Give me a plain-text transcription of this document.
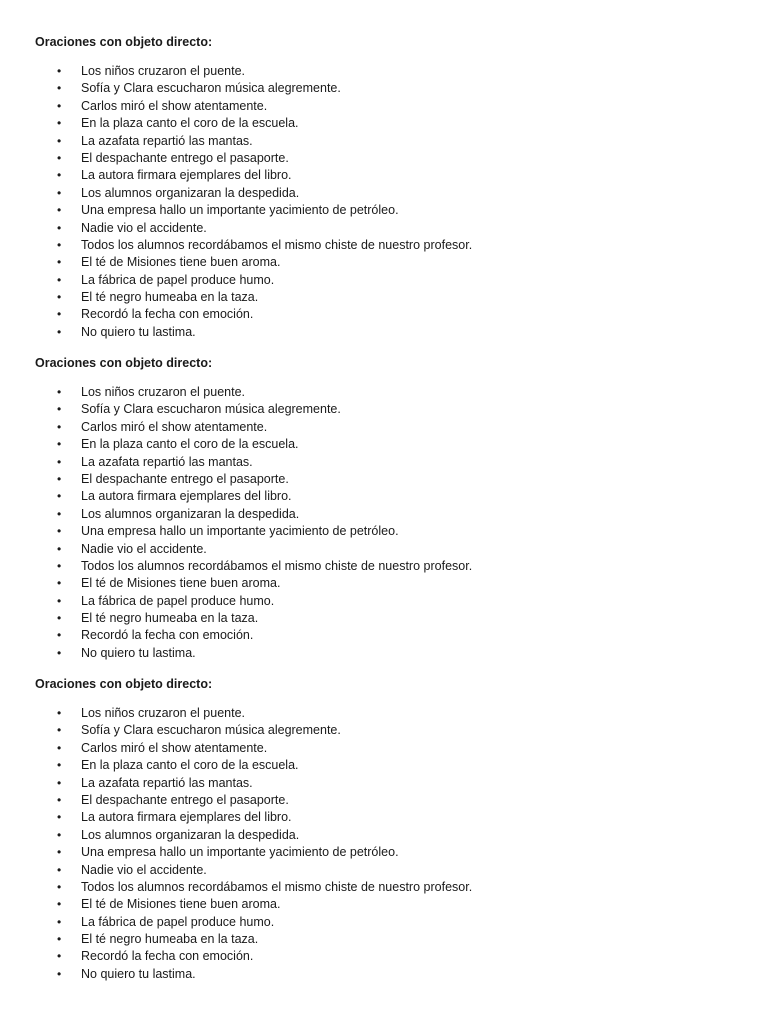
Oraciones con objeto directo:
• Los niños cruzaron el puente.
• Sofía y Clara escucharon música alegremente.
• Carlos miró el show atentamente.
• En la plaza canto el coro de la escuela.
• La azafata repartió las mantas.
• El despachante entrego el pasaporte.
• La autora firmara ejemplares del libro.
• Los alumnos organizaran la despedida.
• Una empresa hallo un importante yacimiento de petróleo.
• Nadie vio el accidente.
• Todos los alumnos recordábamos el mismo chiste de nuestro profesor.
• El té de Misiones tiene buen aroma.
• La fábrica de papel produce humo.
• El té negro humeaba en la taza.
• Recordó la fecha con emoción.
• No quiero tu lastima.
Oraciones con objeto directo:
• Los niños cruzaron el puente.
• Sofía y Clara escucharon música alegremente.
• Carlos miró el show atentamente.
• En la plaza canto el coro de la escuela.
• La azafata repartió las mantas.
• El despachante entrego el pasaporte.
• La autora firmara ejemplares del libro.
• Los alumnos organizaran la despedida.
• Una empresa hallo un importante yacimiento de petróleo.
• Nadie vio el accidente.
• Todos los alumnos recordábamos el mismo chiste de nuestro profesor.
• El té de Misiones tiene buen aroma.
• La fábrica de papel produce humo.
• El té negro humeaba en la taza.
• Recordó la fecha con emoción.
• No quiero tu lastima.
Oraciones con objeto directo:
• Los niños cruzaron el puente.
• Sofía y Clara escucharon música alegremente.
• Carlos miró el show atentamente.
• En la plaza canto el coro de la escuela.
• La azafata repartió las mantas.
• El despachante entrego el pasaporte.
• La autora firmara ejemplares del libro.
• Los alumnos organizaran la despedida.
• Una empresa hallo un importante yacimiento de petróleo.
• Nadie vio el accidente.
• Todos los alumnos recordábamos el mismo chiste de nuestro profesor.
• El té de Misiones tiene buen aroma.
• La fábrica de papel produce humo.
• El té negro humeaba en la taza.
• Recordó la fecha con emoción.
• No quiero tu lastima.
